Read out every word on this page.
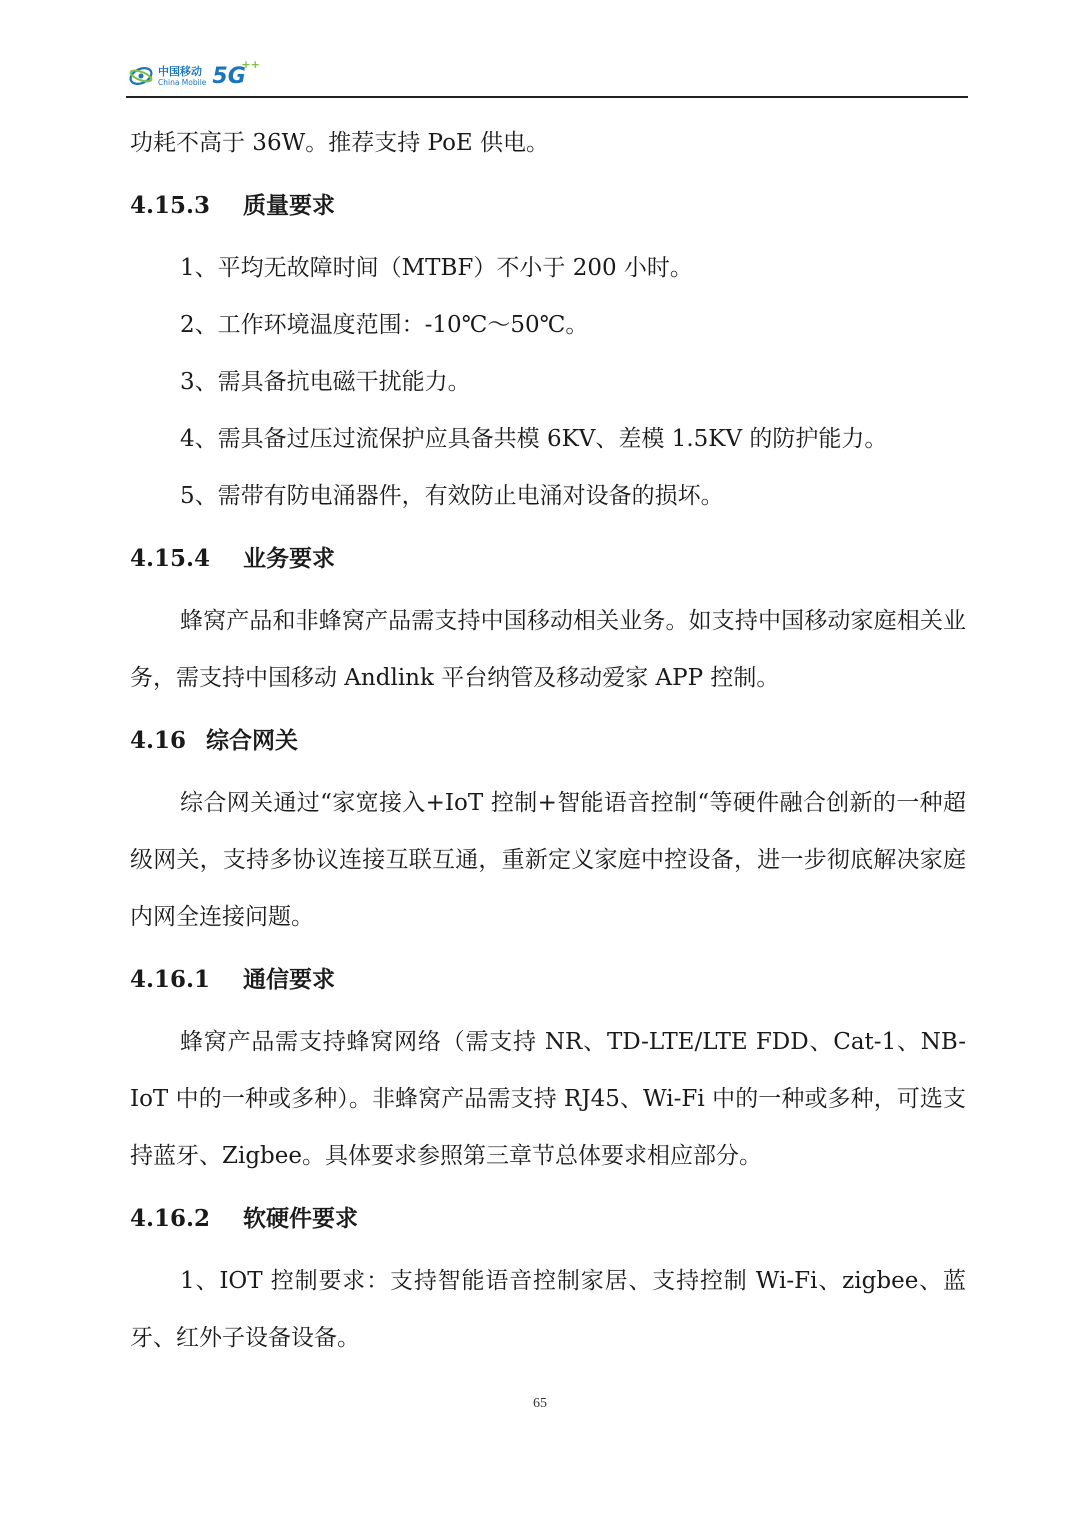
中国移动
China Mobile 5G
++

功耗不高于 36W。推荐支持 PoE 供电。

4.15.3	质量要求

1、平均无故障时间（MTBF）不小于 200 小时。

2、工作环境温度范围：-10℃～50℃。

3、需具备抗电磁干扰能力。

4、需具备过压过流保护应具备共模 6KV、差模 1.5KV 的防护能力。

5、需带有防电涌器件，有效防止电涌对设备的损坏。

4.15.4	业务要求

蜂窝产品和非蜂窝产品需支持中国移动相关业务。如支持中国移动家庭相关业务，需支持中国移动 Andlink 平台纳管及移动爱家 APP 控制。

4.16 综合网关

综合网关通过“家宽接入+IoT 控制+智能语音控制“等硬件融合创新的一种超级网关，支持多协议连接互联互通，重新定义家庭中控设备，进一步彻底解决家庭内网全连接问题。

4.16.1	通信要求

蜂窝产品需支持蜂窝网络（需支持 NR、TD-LTE/LTE FDD、Cat-1、NB-IoT 中的一种或多种）。非蜂窝产品需支持 RJ45、Wi-Fi 中的一种或多种，可选支持蓝牙、Zigbee。具体要求参照第三章节总体要求相应部分。

4.16.2	软硬件要求

1、IOT 控制要求：支持智能语音控制家居、支持控制 Wi-Fi、zigbee、蓝牙、红外子设备设备。

65
